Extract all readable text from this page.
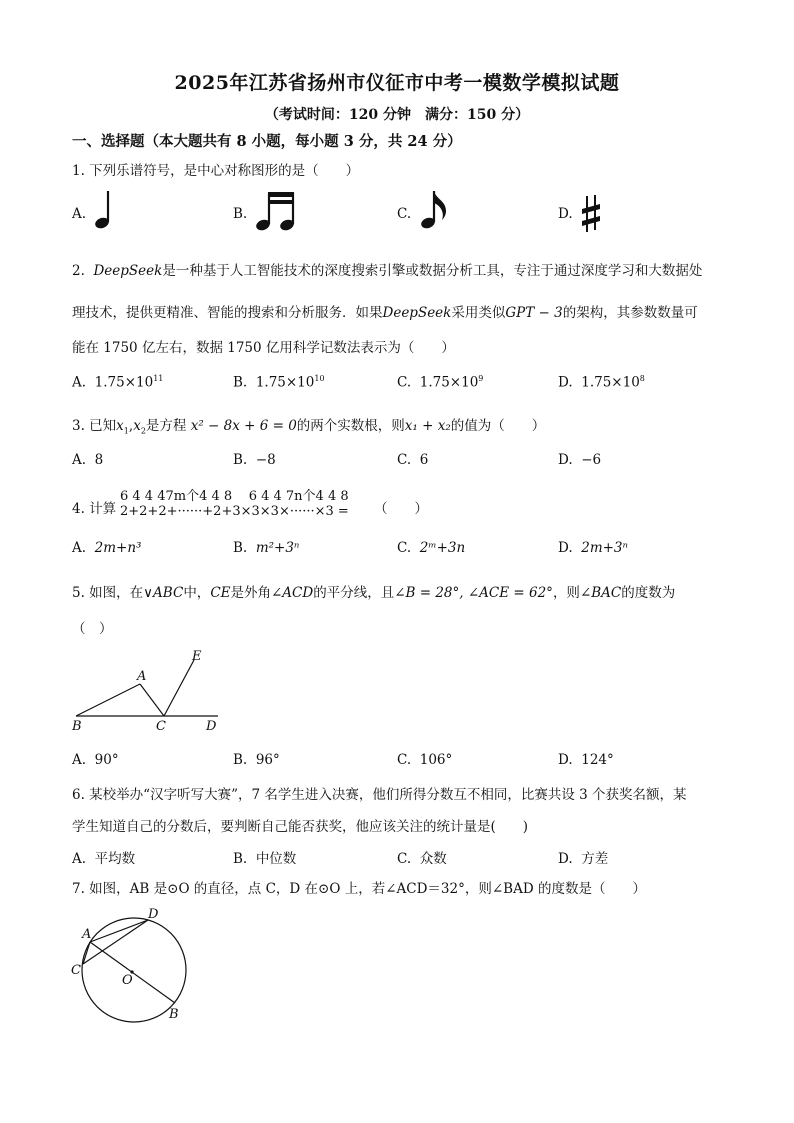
2025年江苏省扬州市仪征市中考一模数学模拟试题
（考试时间：120 分钟　满分：150 分）
一、选择题（本大题共有 8 小题，每小题 3 分，共 24 分）
1. 下列乐谱符号，是中心对称图形的是（　　）
A.	B.	C.	D.
2. DeepSeek是一种基于人工智能技术的深度搜索引擎或数据分析工具，专注于通过深度学习和大数据处
理技术，提供更精准、智能的搜索和分析服务．如果DeepSeek采用类似GPT − 3的架构，其参数数量可
能在 1750 亿左右，数据 1750 亿用科学记数法表示为（　　）
A. $1.75\times 10^{11}$	B. $1.75\times 10^{10}$	C. $1.75\times 10^9$	D. $1.75\times 10^8$
3. 已知$x_1,x_2$是方程 x² − 8x + 6 = 0的两个实数根，则x₁ + x₂的值为（　　）
A. 8	B. −8	C. 6	D. −6
4. 计算
6 4 4 47m个4 4 8 6 4 4 7n个4 4 8
2+2+2+······+2+3×3×3×······×3 = （　　）
A. 2m+n³	B. m²+3ⁿ	C. 2ᵐ+3n	D. 2m+3ⁿ
5. 如图，在∨ABC中，CE是外角∠ACD的平分线，且∠B = 28°, ∠ACE = 62°，则∠BAC的度数为
（　）
A
B	C	D
E
A. 90°	B. 96°	C. 106°	D. 124°
6. 某校举办“汉字听写大赛”，7 名学生进入决赛，他们所得分数互不相同，比赛共设 3 个获奖名额，某
学生知道自己的分数后，要判断自己能否获奖，他应该关注的统计量是(　　)
A. 平均数	B. 中位数	C. 众数	D. 方差
7. 如图，AB 是⊙O 的直径，点 C，D 在⊙O 上，若∠ACD＝32°，则∠BAD 的度数是（　　）
A
B
C
D
O
